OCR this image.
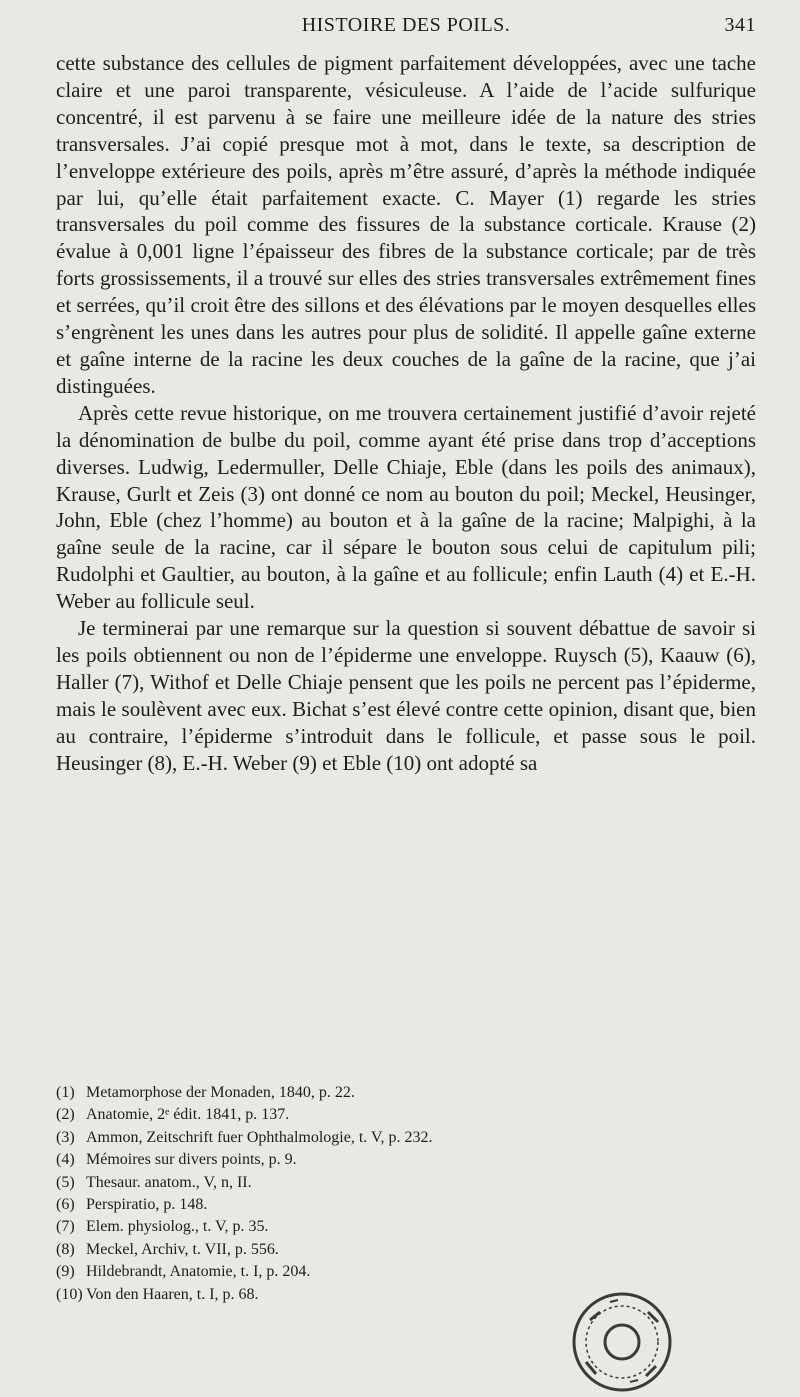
HISTOIRE DES POILS.	341

cette substance des cellules de pigment parfaitement développées, avec une tache claire et une paroi transparente, vésiculeuse. A l’aide de l’acide sulfurique concentré, il est parvenu à se faire une meilleure idée de la nature des stries transversales. J’ai copié presque mot à mot, dans le texte, sa description de l’enveloppe extérieure des poils, après m’être assuré, d’après la méthode indiquée par lui, qu’elle était parfaitement exacte. C. Mayer (1) regarde les stries transversales du poil comme des fissures de la substance corticale. Krause (2) évalue à 0,001 ligne l’épaisseur des fibres de la substance corticale; par de très forts grossissements, il a trouvé sur elles des stries transversales extrêmement fines et serrées, qu’il croit être des sillons et des élévations par le moyen desquelles elles s’engrènent les unes dans les autres pour plus de solidité. Il appelle gaîne externe et gaîne interne de la racine les deux couches de la gaîne de la racine, que j’ai distinguées.

Après cette revue historique, on me trouvera certainement justifié d’avoir rejeté la dénomination de bulbe du poil, comme ayant été prise dans trop d’acceptions diverses. Ludwig, Ledermuller, Delle Chiaje, Eble (dans les poils des animaux), Krause, Gurlt et Zeis (3) ont donné ce nom au bouton du poil; Meckel, Heusinger, John, Eble (chez l’homme) au bouton et à la gaîne de la racine; Malpighi, à la gaîne seule de la racine, car il sépare le bouton sous celui de capitulum pili; Rudolphi et Gaultier, au bouton, à la gaîne et au follicule; enfin Lauth (4) et E.-H. Weber au follicule seul.

Je terminerai par une remarque sur la question si souvent débattue de savoir si les poils obtiennent ou non de l’épiderme une enveloppe. Ruysch (5), Kaauw (6), Haller (7), Withof et Delle Chiaje pensent que les poils ne percent pas l’épiderme, mais le soulèvent avec eux. Bichat s’est élevé contre cette opinion, disant que, bien au contraire, l’épiderme s’introduit dans le follicule, et passe sous le poil. Heusinger (8), E.-H. Weber (9) et Eble (10) ont adopté sa

(1) Metamorphose der Monaden, 1840, p. 22.
(2) Anatomie, 2ᵉ édit. 1841, p. 137.
(3) Ammon, Zeitschrift fuer Ophthalmologie, t. V, p. 232.
(4) Mémoires sur divers points, p. 9.
(5) Thesaur. anatom., V, n, II.
(6) Perspiratio, p. 148.
(7) Elem. physiolog., t. V, p. 35.
(8) Meckel, Archiv, t. VII, p. 556.
(9) Hildebrandt, Anatomie, t. I, p. 204.
(10) Von den Haaren, t. I, p. 68.
